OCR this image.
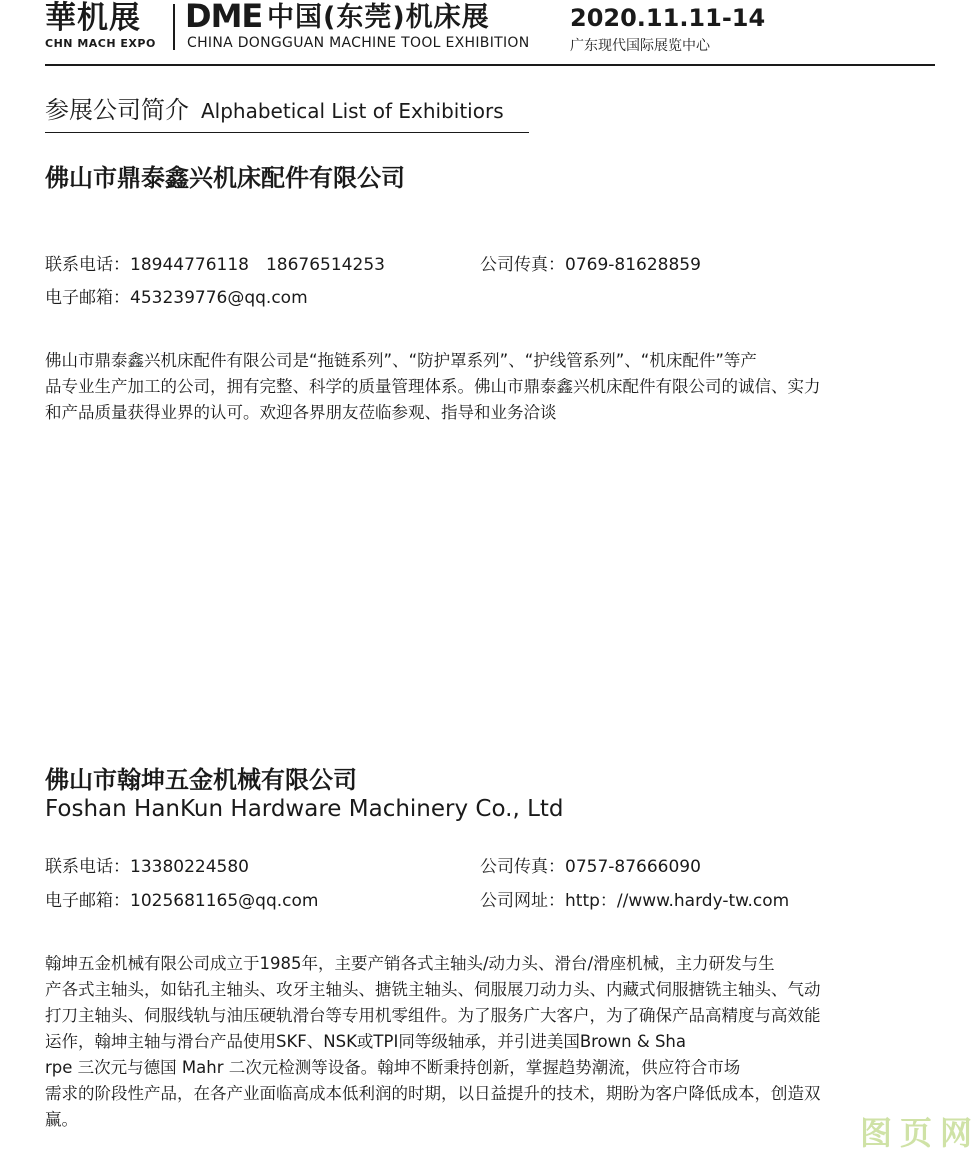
華机展
CHN MACH EXPO
DME 中国(东莞)机床展	2020.11.11-14
CHINA DONGGUAN MACHINE TOOL EXHIBITION	广东现代国际展览中心
参展公司简介 Alphabetical List of Exhibitiors
佛山市鼎泰鑫兴机床配件有限公司
联系电话：18944776118　18676514253	公司传真：0769-81628859
电子邮箱：453239776@qq.com

佛山市鼎泰鑫兴机床配件有限公司是“拖链系列”、“防护罩系列”、“护线管系列”、“机床配件”等产

品专业生产加工的公司，拥有完整、科学的质量管理体系。佛山市鼎泰鑫兴机床配件有限公司的诚信、实力

和产品质量获得业界的认可。欢迎各界朋友莅临参观、指导和业务洽谈

佛山市翰坤五金机械有限公司
Foshan HanKun Hardware Machinery Co., Ltd
联系电话：13380224580	公司传真：0757-87666090
电子邮箱：1025681165@qq.com	公司网址：http：//www.hardy-tw.com

翰坤五金机械有限公司成立于1985年，主要产销各式主轴头/动力头、滑台/滑座机械，主力研发与生

产各式主轴头，如钻孔主轴头、攻牙主轴头、搪铣主轴头、伺服展刀动力头、内藏式伺服搪铣主轴头、气动

打刀主轴头、伺服线轨与油压硬轨滑台等专用机零组件。为了服务广大客户，为了确保产品高精度与高效能

运作，翰坤主轴与滑台产品使用SKF、NSK或TPI同等级轴承，并引进美国Brown & Sha

rpe 三次元与德国 Mahr 二次元检测等设备。翰坤不断秉持创新，掌握趋势潮流，供应符合市场

需求的阶段性产品，在各产业面临高成本低利润的时期，以日益提升的技术，期盼为客户降低成本，创造双

赢。	图页网
